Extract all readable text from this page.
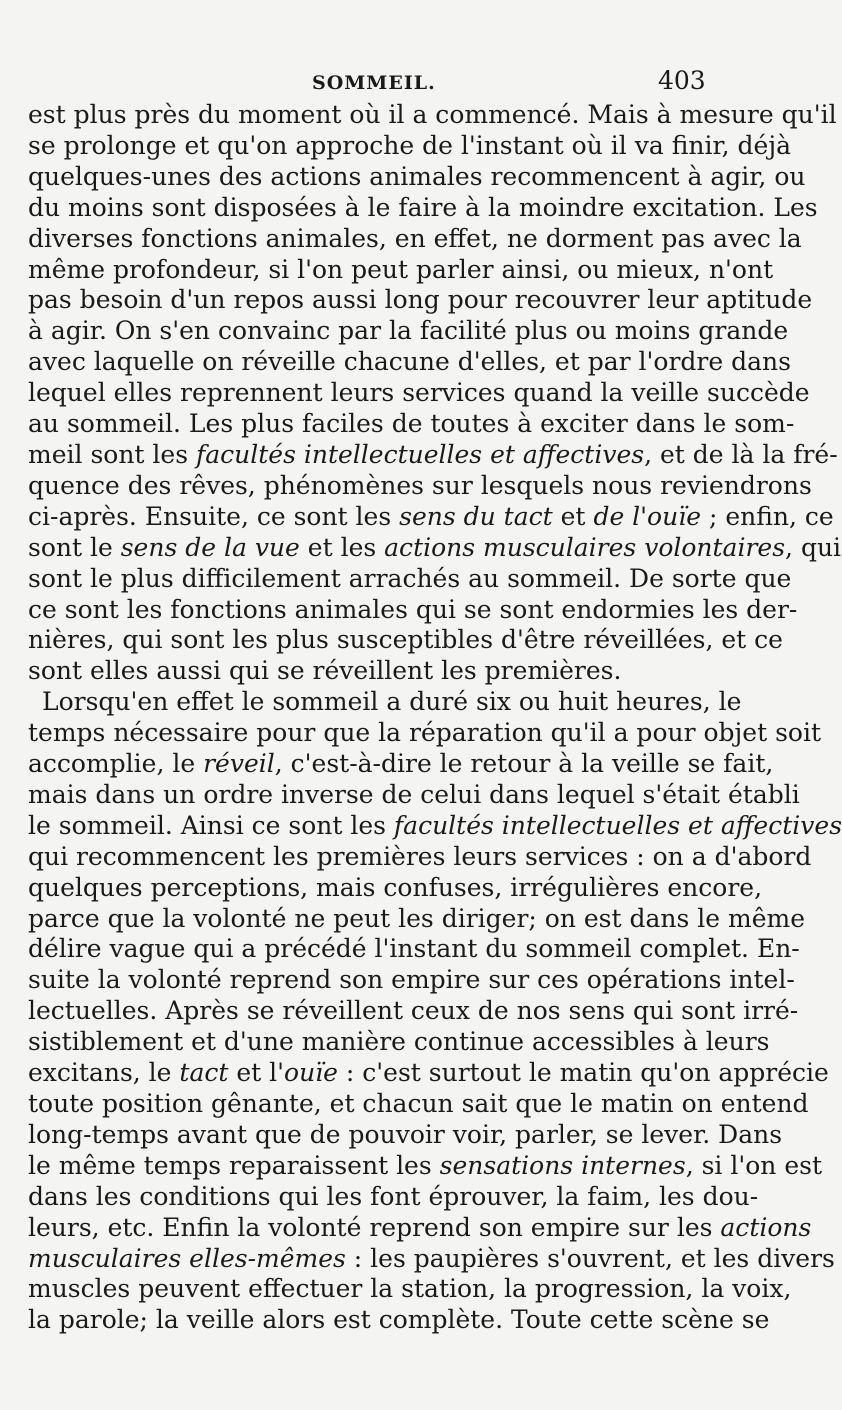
SOMMEIL.	403
est plus près du moment où il a commencé. Mais à mesure qu'il
se prolonge et qu'on approche de l'instant où il va finir, déjà
quelques-unes des actions animales recommencent à agir, ou
du moins sont disposées à le faire à la moindre excitation. Les
diverses fonctions animales, en effet, ne dorment pas avec la
même profondeur, si l'on peut parler ainsi, ou mieux, n'ont
pas besoin d'un repos aussi long pour recouvrer leur aptitude
à agir. On s'en convainc par la facilité plus ou moins grande
avec laquelle on réveille chacune d'elles, et par l'ordre dans
lequel elles reprennent leurs services quand la veille succède
au sommeil. Les plus faciles de toutes à exciter dans le som-
meil sont les facultés intellectuelles et affectives, et de là la fré-
quence des rêves, phénomènes sur lesquels nous reviendrons
ci-après. Ensuite, ce sont les sens du tact et de l'ouïe ; enfin, ce
sont le sens de la vue et les actions musculaires volontaires, qui
sont le plus difficilement arrachés au sommeil. De sorte que
ce sont les fonctions animales qui se sont endormies les der-
nières, qui sont les plus susceptibles d'être réveillées, et ce
sont elles aussi qui se réveillent les premières.
Lorsqu'en effet le sommeil a duré six ou huit heures, le
temps nécessaire pour que la réparation qu'il a pour objet soit
accomplie, le réveil, c'est-à-dire le retour à la veille se fait,
mais dans un ordre inverse de celui dans lequel s'était établi
le sommeil. Ainsi ce sont les facultés intellectuelles et affectives
qui recommencent les premières leurs services : on a d'abord
quelques perceptions, mais confuses, irrégulières encore,
parce que la volonté ne peut les diriger; on est dans le même
délire vague qui a précédé l'instant du sommeil complet. En-
suite la volonté reprend son empire sur ces opérations intel-
lectuelles. Après se réveillent ceux de nos sens qui sont irré-
sistiblement et d'une manière continue accessibles à leurs
excitans, le tact et l'ouïe : c'est surtout le matin qu'on apprécie
toute position gênante, et chacun sait que le matin on entend
long-temps avant que de pouvoir voir, parler, se lever. Dans
le même temps reparaissent les sensations internes, si l'on est
dans les conditions qui les font éprouver, la faim, les dou-
leurs, etc. Enfin la volonté reprend son empire sur les actions
musculaires elles-mêmes : les paupières s'ouvrent, et les divers
muscles peuvent effectuer la station, la progression, la voix,
la parole; la veille alors est complète. Toute cette scène se
